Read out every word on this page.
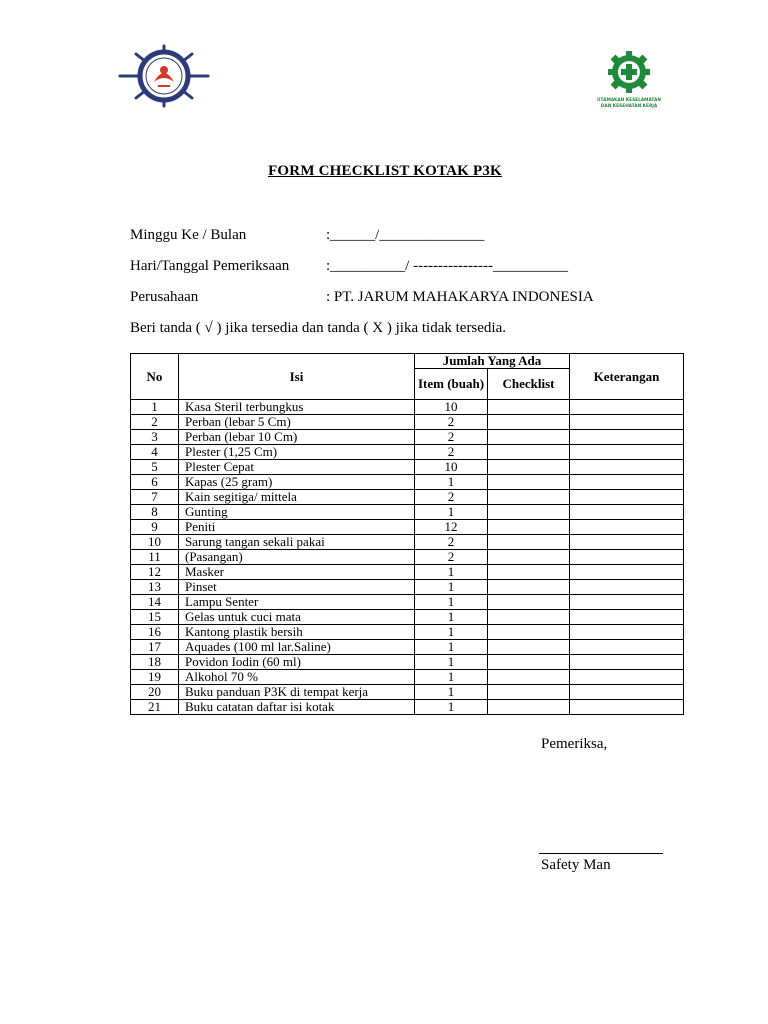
UTAMAKAN KESELAMATAN
DAN KESEHATAN KERJA
FORM CHECKLIST KOTAK P3K
Minggu Ke / Bulan	:______/______________
Hari/Tanggal Pemeriksaan :__________/ ----------------__________
Perusahaan	: PT. JARUM MAHAKARYA INDONESIA
Beri tanda ( √ ) jika tersedia dan tanda ( X ) jika tidak tersedia.
No	Isi	Jumlah Yang Ada		Keterangan
		Item (buah)	Checklist	
1	Kasa Steril terbungkus	10		
2	Perban (lebar 5 Cm)	2		
3	Perban (lebar 10 Cm)	2		
4	Plester (1,25 Cm)	2		
5	Plester Cepat	10		
6	Kapas (25 gram)	1		
7	Kain segitiga/ mittela	2		
8	Gunting	1		
9	Peniti	12		
10	Sarung tangan sekali pakai	2		
11	(Pasangan)	2		
12	Masker	1		
13	Pinset	1		
14	Lampu Senter	1		
15	Gelas untuk cuci mata	1		
16	Kantong plastik bersih	1		
17	Aquades (100 ml lar.Saline)	1		
18	Povidon Iodin (60 ml)	1		
19	Alkohol 70 %	1		
20	Buku panduan P3K di tempat kerja	1		
21	Buku catatan daftar isi kotak	1		
Pemeriksa,
Safety Man
